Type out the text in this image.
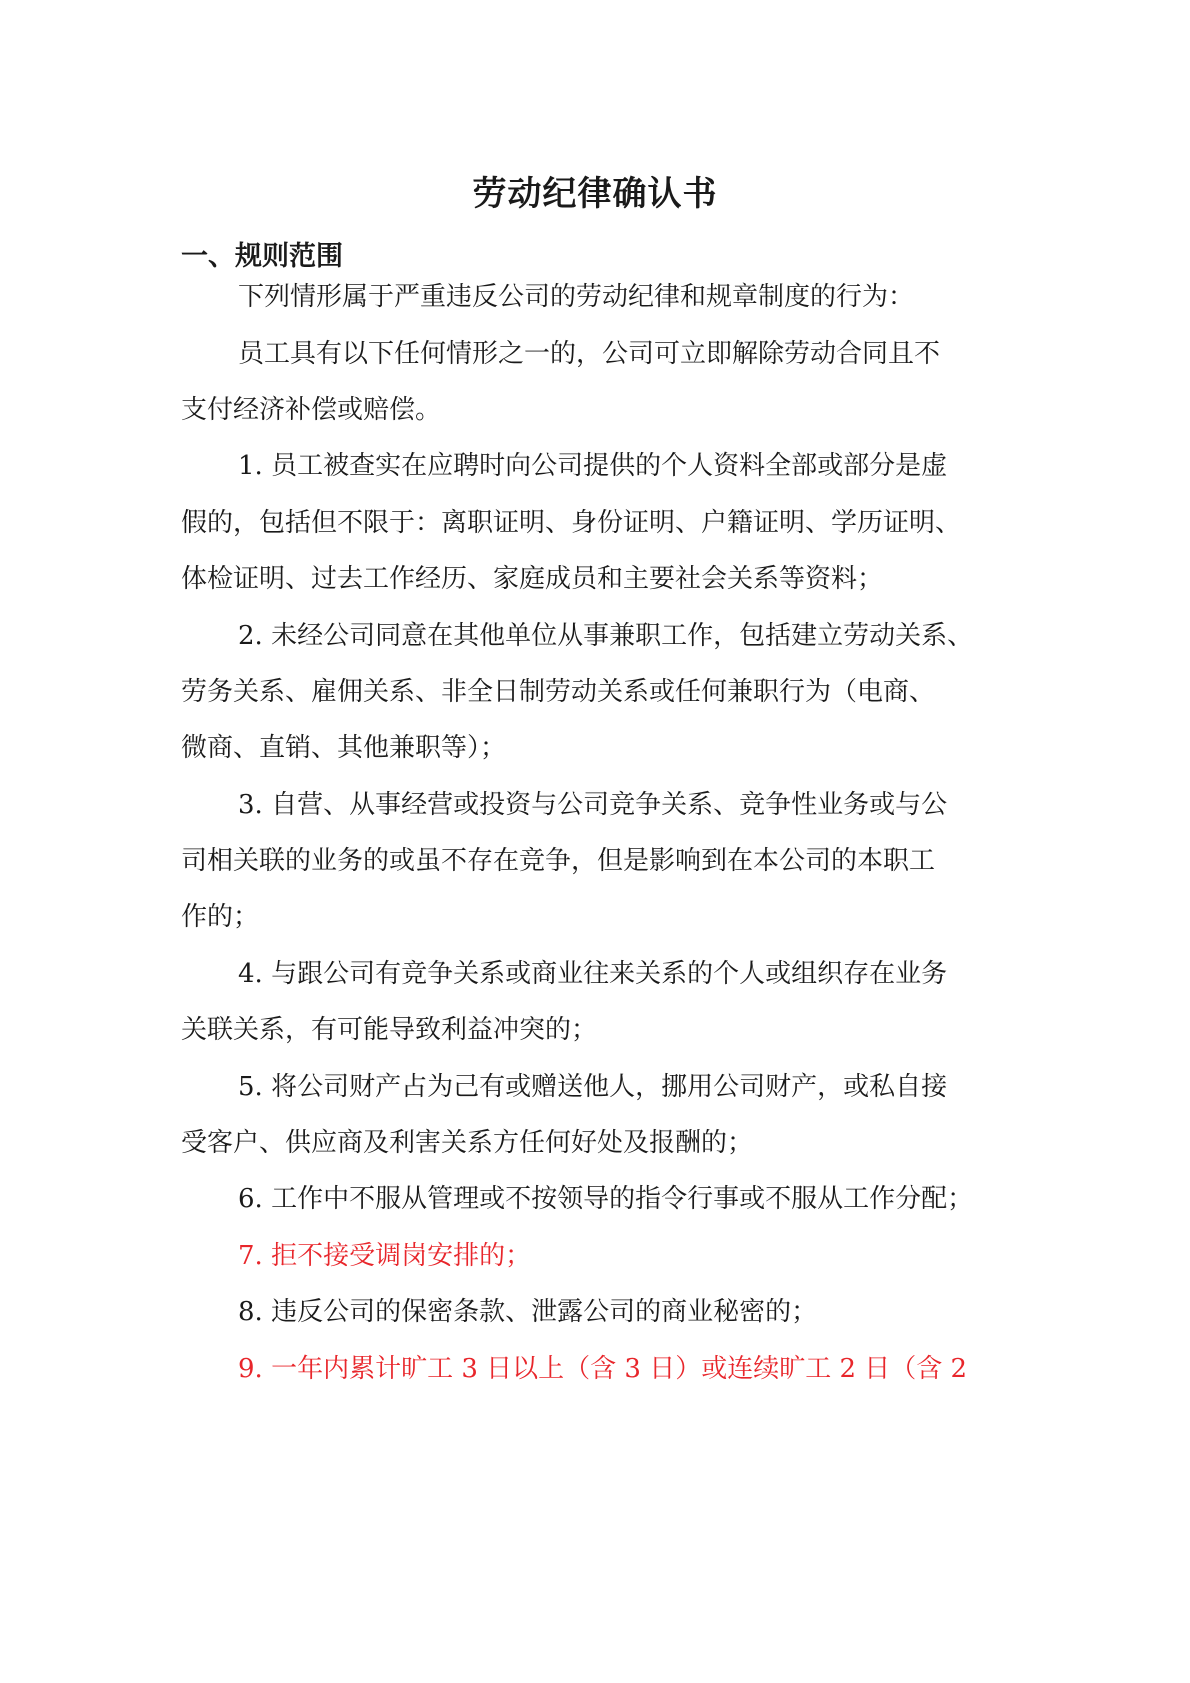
劳动纪律确认书
一、规则范围
下列情形属于严重违反公司的劳动纪律和规章制度的行为：
员工具有以下任何情形之一的，公司可立即解除劳动合同且不
支付经济补偿或赔偿。
1. 员工被查实在应聘时向公司提供的个人资料全部或部分是虚
假的，包括但不限于：离职证明、身份证明、户籍证明、学历证明、
体检证明、过去工作经历、家庭成员和主要社会关系等资料；
2. 未经公司同意在其他单位从事兼职工作，包括建立劳动关系、
劳务关系、雇佣关系、非全日制劳动关系或任何兼职行为（电商、
微商、直销、其他兼职等）；
3. 自营、从事经营或投资与公司竞争关系、竞争性业务或与公
司相关联的业务的或虽不存在竞争，但是影响到在本公司的本职工
作的；
4. 与跟公司有竞争关系或商业往来关系的个人或组织存在业务
关联关系，有可能导致利益冲突的；
5. 将公司财产占为己有或赠送他人，挪用公司财产，或私自接
受客户、供应商及利害关系方任何好处及报酬的；
6. 工作中不服从管理或不按领导的指令行事或不服从工作分配；
7. 拒不接受调岗安排的；
8. 违反公司的保密条款、泄露公司的商业秘密的；
9. 一年内累计旷工 3 日以上（含 3 日）或连续旷工 2 日（含 2
